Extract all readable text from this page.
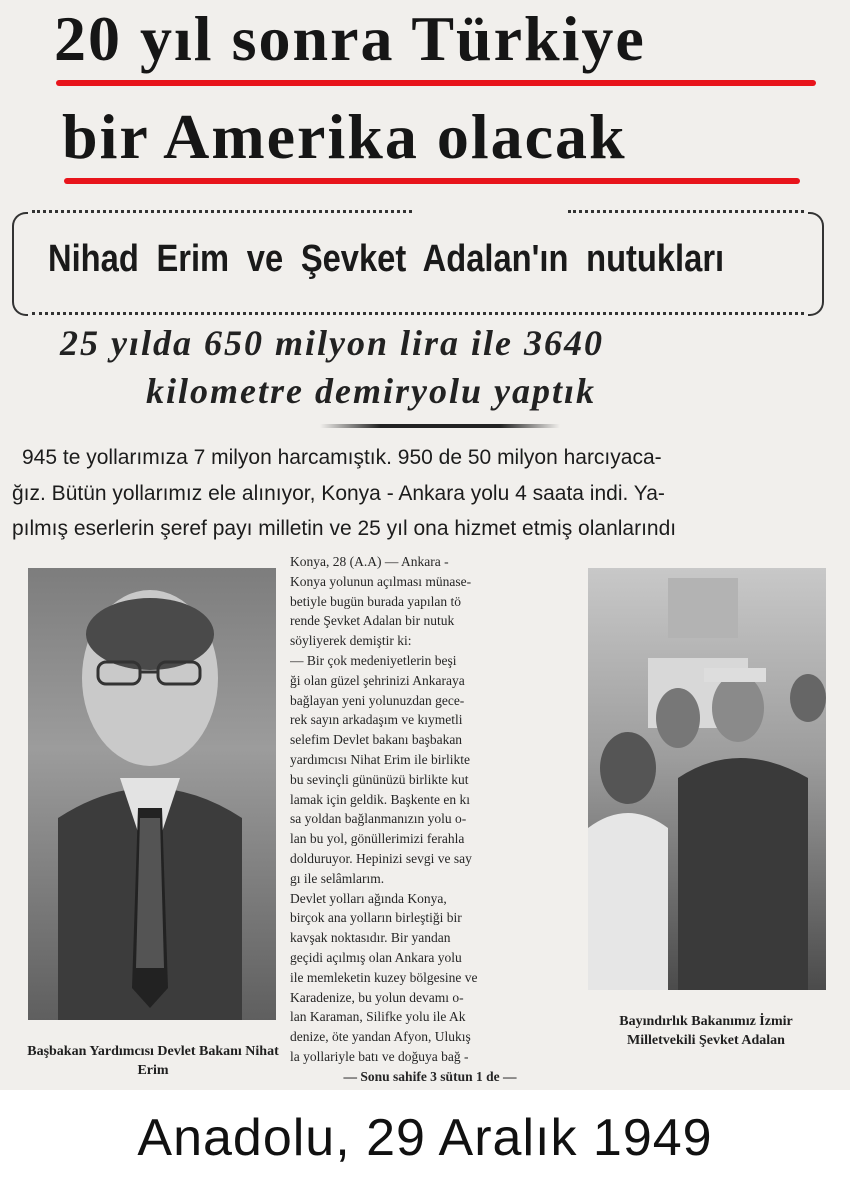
20 yıl sonra Türkiye
bir Amerika olacak
Nihad Erim ve Şevket Adalan'ın nutukları
25 yılda 650 milyon lira ile 3640
kilometre demiryolu yaptık
945 te yollarımıza 7 milyon harcamıştık. 950 de 50 milyon harcıyaca-
ğız. Bütün yollarımız ele alınıyor, Konya - Ankara yolu 4 saata indi. Ya-
pılmış eserlerin şeref payı milletin ve 25 yıl ona hizmet etmiş olanlarındı
Başbakan Yardımcısı Devlet Bakanı Nihat Erim
Konya, 28 (A.A) — Ankara -
Konya yolunun açılması münase-
betiyle bugün burada yapılan tö
rende Şevket Adalan bir nutuk
söyliyerek demiştir ki:
— Bir çok medeniyetlerin beşi
ği olan güzel şehrinizi Ankaraya
bağlayan yeni yolunuzdan gece-
rek sayın arkadaşım ve kıymetli
selefim Devlet bakanı başbakan
yardımcısı Nihat Erim ile birlikte
bu sevinçli gününüzü birlikte kut
lamak için geldik. Başkente en kı
sa yoldan bağlanmanızın yolu o-
lan bu yol, gönüllerimizi ferahla
dolduruyor. Hepinizi sevgi ve say
gı ile selâmlarım.
Devlet yolları ağında Konya,
birçok ana yolların birleştiği bir
kavşak noktasıdır. Bir yandan
geçidi açılmış olan Ankara yolu
ile memleketin kuzey bölgesine ve
Karadenize, bu yolun devamı o-
lan Karaman, Silifke yolu ile Ak
denize, öte yandan Afyon, Ulukış
la yollariyle batı ve doğuya bağ -
— Sonu sahife 3 sütun 1 de —
Bayındırlık Bakanımız İzmir Milletvekili Şevket Adalan
Anadolu, 29 Aralık 1949
